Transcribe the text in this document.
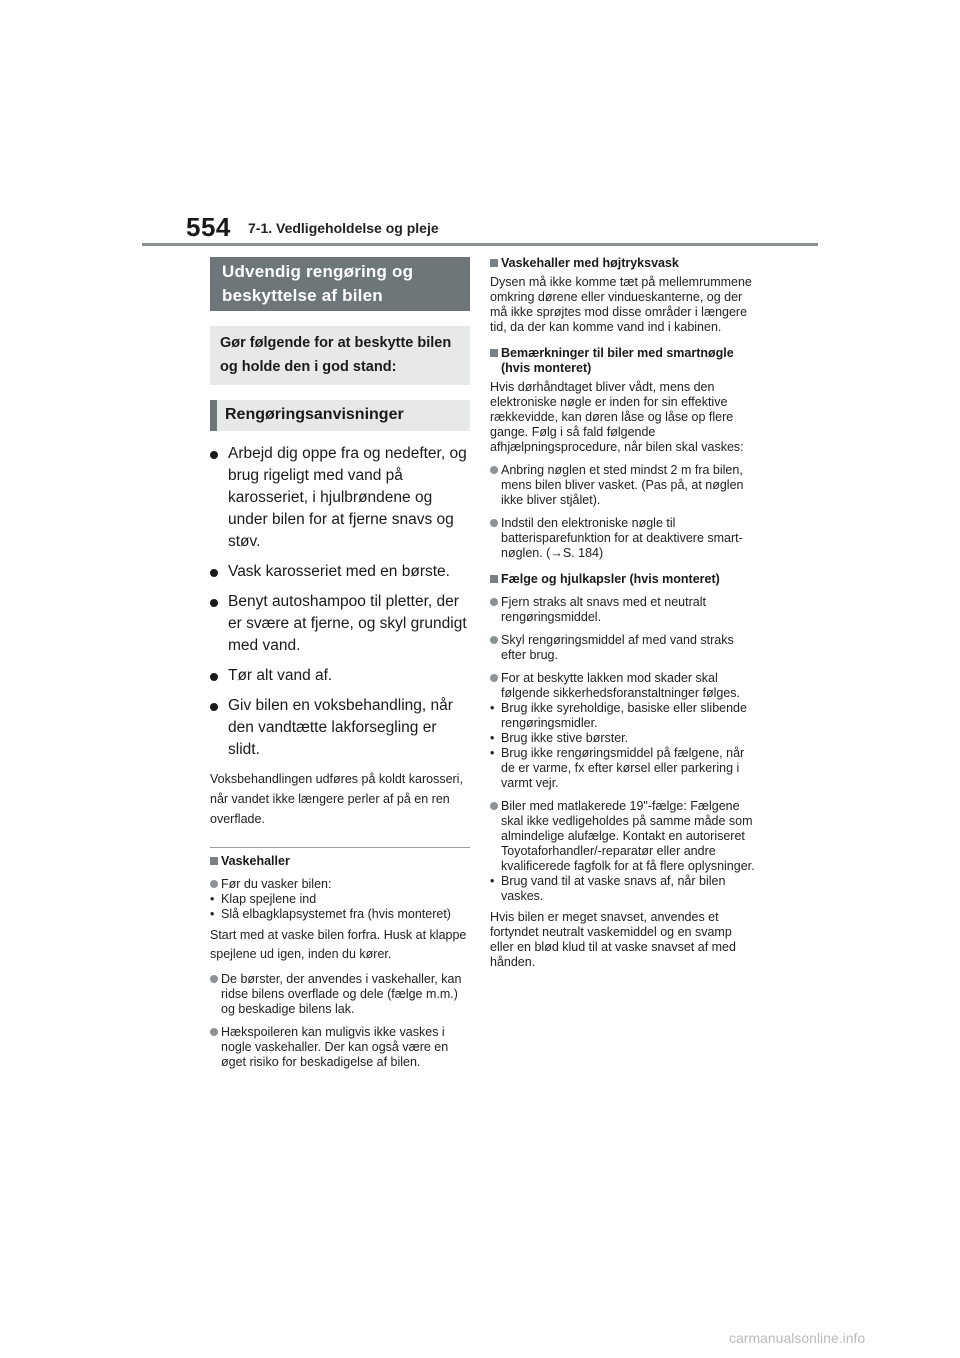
554 7-1. Vedligeholdelse og pleje
Udvendig rengøring og beskyttelse af bilen
Gør følgende for at beskytte bilen og holde den i god stand:
Rengøringsanvisninger
Arbejd dig oppe fra og nedefter, og brug rigeligt med vand på karosseriet, i hjulbrøndene og under bilen for at fjerne snavs og støv.
Vask karosseriet med en børste.
Benyt autoshampoo til pletter, der er svære at fjerne, og skyl grundigt med vand.
Tør alt vand af.
Giv bilen en voksbehandling, når den vandtætte lakforsegling er slidt.
Voksbehandlingen udføres på koldt karosseri, når vandet ikke længere perler af på en ren overflade.
Vaskehaller
Før du vasker bilen:
• Klap spejlene ind
• Slå elbagklapsystemet fra (hvis monteret)
Start med at vaske bilen forfra. Husk at klappe spejlene ud igen, inden du kører.
De børster, der anvendes i vaskehaller, kan ridse bilens overflade og dele (fælge m.m.) og beskadige bilens lak.
Hækspoileren kan muligvis ikke vaskes i nogle vaskehaller. Der kan også være en øget risiko for beskadigelse af bilen.
Vaskehaller med højtryksvask
Dysen må ikke komme tæt på mellemrummene omkring dørene eller vindueskanterne, og der må ikke sprøjtes mod disse områder i længere tid, da der kan komme vand ind i kabinen.
Bemærkninger til biler med smartnøgle (hvis monteret)
Hvis dørhåndtaget bliver vådt, mens den elektroniske nøgle er inden for sin effektive rækkevidde, kan døren låse og låse op flere gange. Følg i så fald følgende afhjælpningsprocedure, når bilen skal vaskes:
Anbring nøglen et sted mindst 2 m fra bilen, mens bilen bliver vasket. (Pas på, at nøglen ikke bliver stjålet).
Indstil den elektroniske nøgle til batterisparefunktion for at deaktivere smart-nøglen. (→S. 184)
Fælge og hjulkapsler (hvis monteret)
Fjern straks alt snavs med et neutralt rengøringsmiddel.
Skyl rengøringsmiddel af med vand straks efter brug.
For at beskytte lakken mod skader skal følgende sikkerhedsforanstaltninger følges.
• Brug ikke syreholdige, basiske eller slibende rengøringsmidler.
• Brug ikke stive børster.
• Brug ikke rengøringsmiddel på fælgene, når de er varme, fx efter kørsel eller parkering i varmt vejr.
Biler med matlakerede 19"-fælge: Fælgene skal ikke vedligeholdes på samme måde som almindelige alufælge. Kontakt en autoriseret Toyotaforhandler/-reparatør eller andre kvalificerede fagfolk for at få flere oplysninger.
• Brug vand til at vaske snavs af, når bilen vaskes.
Hvis bilen er meget snavset, anvendes et fortyndet neutralt vaskemiddel og en svamp eller en blød klud til at vaske snavset af med hånden.
carmanualsonline.info
